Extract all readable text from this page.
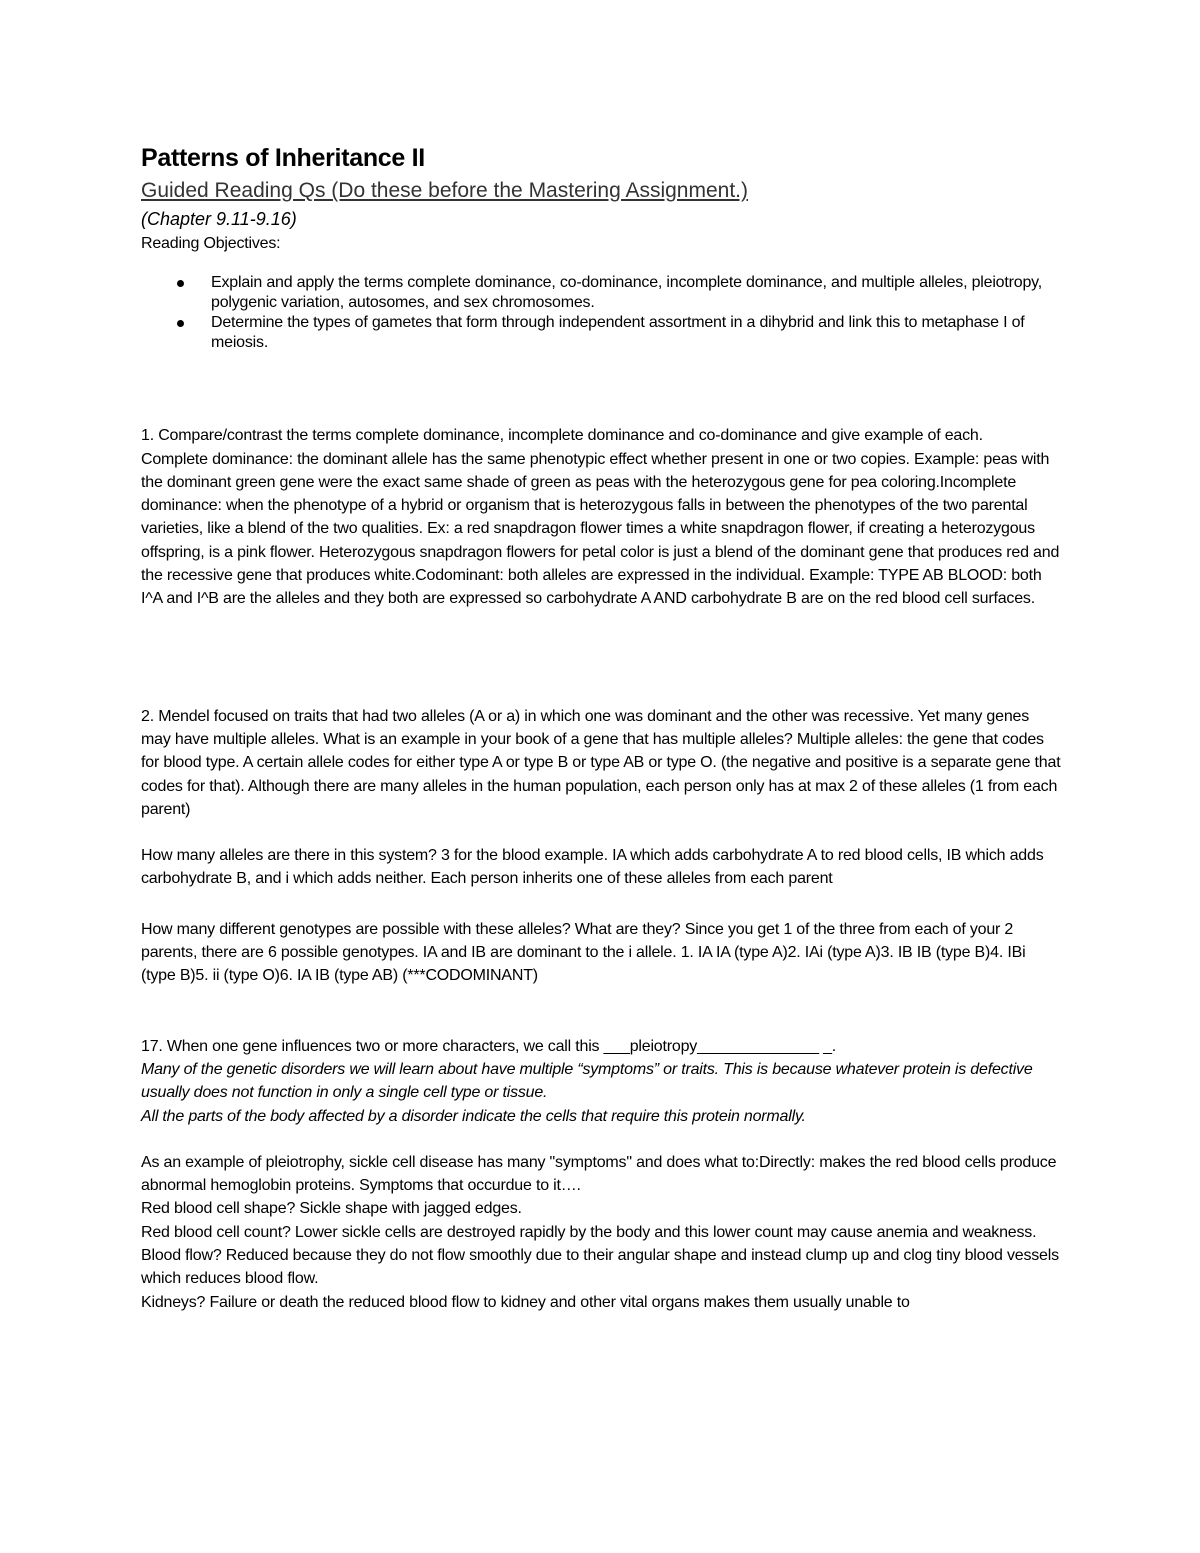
Patterns of Inheritance II

Guided Reading Qs (Do these before the Mastering Assignment.)

(Chapter 9.11-9.16)

Reading Objectives:

Explain and apply the terms complete dominance, co-dominance, incomplete dominance, and multiple alleles, pleiotropy, polygenic variation, autosomes, and sex chromosomes.
Determine the types of gametes that form through independent assortment in a dihybrid and link this to metaphase I of meiosis.

1. Compare/contrast the terms complete dominance, incomplete dominance and co-dominance and give example of each.

Complete dominance: the dominant allele has the same phenotypic effect whether present in one or two copies. Example: peas with the dominant green gene were the exact same shade of green as peas with the heterozygous gene for pea coloring.Incomplete dominance: when the phenotype of a hybrid or organism that is heterozygous falls in between the phenotypes of the two parental varieties, like a blend of the two qualities. Ex: a red snapdragon flower times a white snapdragon flower, if creating a heterozygous offspring, is a pink flower. Heterozygous snapdragon flowers for petal color is just a blend of the dominant gene that produces red and the recessive gene that produces white.Codominant: both alleles are expressed in the individual. Example: TYPE AB BLOOD: both I^A and I^B are the alleles and they both are expressed so carbohydrate A AND carbohydrate B are on the red blood cell surfaces.

2. Mendel focused on traits that had two alleles (A or a) in which one was dominant and the other was recessive. Yet many genes may have multiple alleles. What is an example in your book of a gene that has multiple alleles? Multiple alleles: the gene that codes for blood type. A certain allele codes for either type A or type B or type AB or type O. (the negative and positive is a separate gene that codes for that). Although there are many alleles in the human population, each person only has at max 2 of these alleles (1 from each parent)

How many alleles are there in this system? 3 for the blood example. IA which adds carbohydrate A to red blood cells, IB which adds carbohydrate B, and i which adds neither. Each person inherits one of these alleles from each parent

How many different genotypes are possible with these alleles? What are they? Since you get 1 of the three from each of your 2 parents, there are 6 possible genotypes. IA and IB are dominant to the i allele. 1. IA IA (type A)2. IAi (type A)3. IB IB (type B)4. IBi (type B)5. ii (type O)6. IA IB (type AB) (***CODOMINANT)

17. When one gene influences two or more characters, we call this ___pleiotropy______________ _.

Many of the genetic disorders we will learn about have multiple “symptoms” or traits. This is because whatever protein is defective usually does not function in only a single cell type or tissue.

All the parts of the body affected by a disorder indicate the cells that require this protein normally.

As an example of pleiotrophy, sickle cell disease has many "symptoms" and does what to:Directly: makes the red blood cells produce abnormal hemoglobin proteins. Symptoms that occurdue to it….

Red blood cell shape? Sickle shape with jagged edges.

Red blood cell count? Lower sickle cells are destroyed rapidly by the body and this lower count may cause anemia and weakness.

Blood flow? Reduced because they do not flow smoothly due to their angular shape and instead clump up and clog tiny blood vessels which reduces blood flow.

Kidneys? Failure or death the reduced blood flow to kidney and other vital organs makes them usually unable to
